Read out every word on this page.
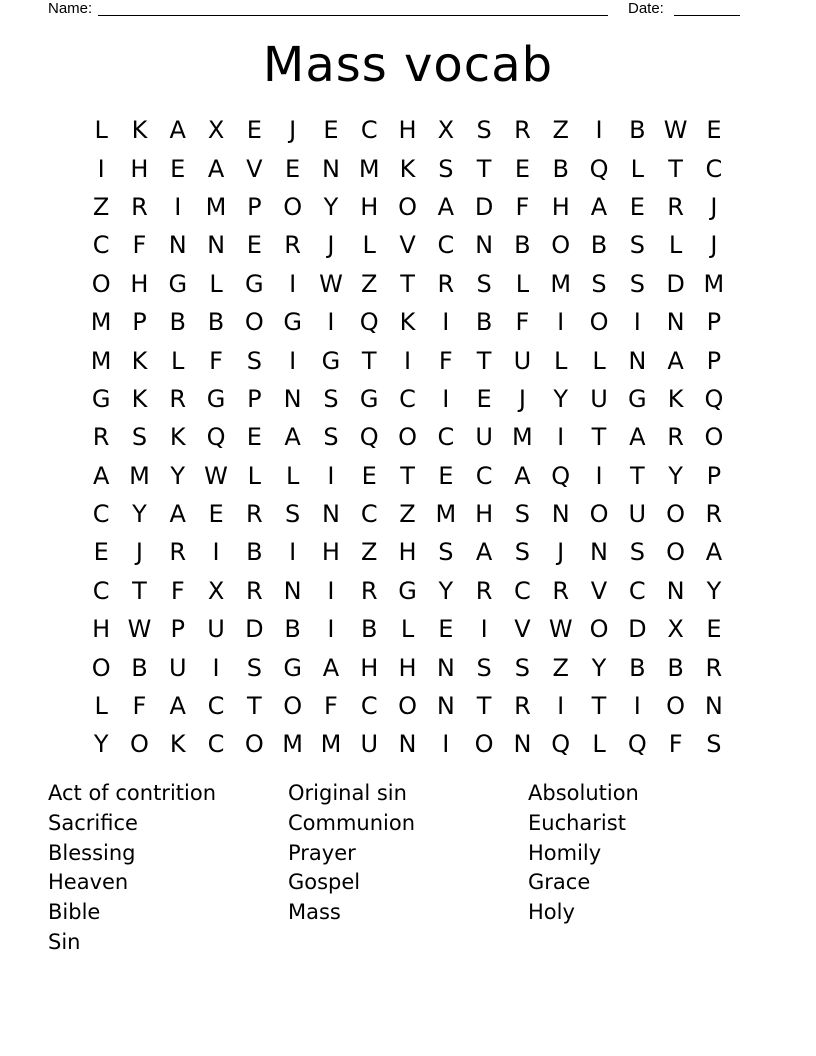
Name:	Date:
Mass vocab
L K A X E	J	E C H X S R Z	I	B W E
I	H E A V E N M K S T E B Q L	T C
Z R	I	M P O Y H O A D F H A E R	J
C F N N E R	J	L V C N B O B S L	J
O H G L G	I W Z T R S L M S S D M
M P B B O G	I	Q K	I	B F	I	O	I	N P
M K L	F S	I	G T	I	F	T U L	L N A P
G K R G P N S G C	I	E	J	Y U G K Q
R S K Q E A S Q O C U M	I	T A R O
A M Y W L	L	I	E T E C A Q	I	T Y P
C Y A E R S N C Z M H S N O U O R
E	J	R	I	B	I	H Z H S A S	J	N S O A
C T	F X R N	I	R G Y R C R V C N Y
H W P U D B	I	B L	E	I	V W O D X E
O B U	I	S G A H H N S S Z Y B B R
L	F A C T O F C O N T R	I	T	I	O N
Y O K C O M M U N	I	O N Q L Q F S
Act of contrition	Original sin	Absolution
Sacrifice	Communion	Eucharist
Blessing	Prayer	Homily
Heaven	Gospel	Grace
Bible	Mass	Holy
Sin
